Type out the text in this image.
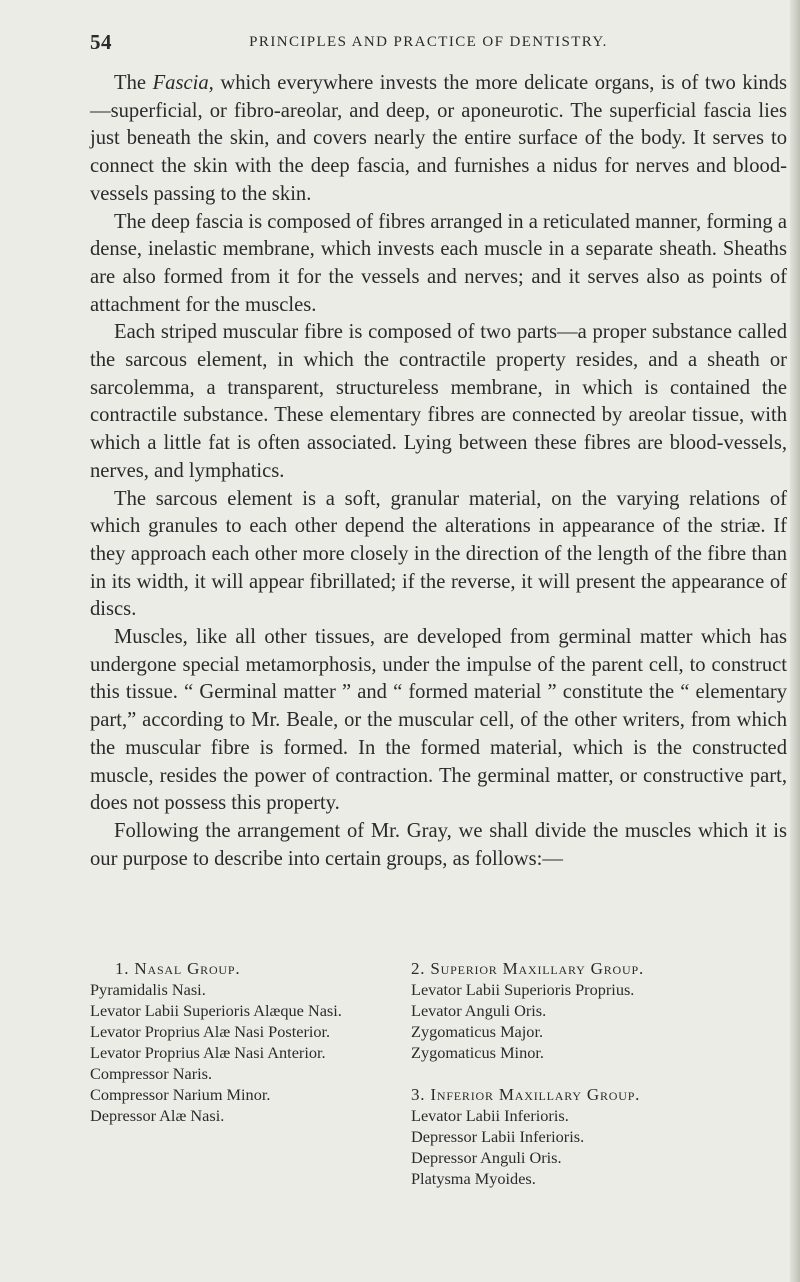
54	PRINCIPLES AND PRACTICE OF DENTISTRY.

The Fascia, which everywhere invests the more delicate organs, is of two kinds—superficial, or fibro-areolar, and deep, or aponeurotic. The superficial fascia lies just beneath the skin, and covers nearly the entire surface of the body. It serves to connect the skin with the deep fascia, and furnishes a nidus for nerves and blood-vessels passing to the skin.

The deep fascia is composed of fibres arranged in a reticulated manner, forming a dense, inelastic membrane, which invests each muscle in a separate sheath. Sheaths are also formed from it for the vessels and nerves; and it serves also as points of attachment for the muscles.

Each striped muscular fibre is composed of two parts—a proper substance called the sarcous element, in which the contractile property resides, and a sheath or sarcolemma, a transparent, structureless membrane, in which is contained the contractile substance. These elementary fibres are connected by areolar tissue, with which a little fat is often associated. Lying between these fibres are blood-vessels, nerves, and lymphatics.

The sarcous element is a soft, granular material, on the varying relations of which granules to each other depend the alterations in appearance of the striæ. If they approach each other more closely in the direction of the length of the fibre than in its width, it will appear fibrillated; if the reverse, it will present the appearance of discs.

Muscles, like all other tissues, are developed from germinal matter which has undergone special metamorphosis, under the impulse of the parent cell, to construct this tissue. “ Germinal matter ” and “ formed material ” constitute the “ elementary part,” according to Mr. Beale, or the muscular cell, of the other writers, from which the muscular fibre is formed. In the formed material, which is the constructed muscle, resides the power of contraction. The germinal matter, or constructive part, does not possess this property.

Following the arrangement of Mr. Gray, we shall divide the muscles which it is our purpose to describe into certain groups, as follows:—

1. Nasal Group.
Pyramidalis Nasi.
Levator Labii Superioris Alæque Nasi.
Levator Proprius Alæ Nasi Posterior.
Levator Proprius Alæ Nasi Anterior.
Compressor Naris.
Compressor Narium Minor.
Depressor Alæ Nasi.
2. Superior Maxillary Group.
Levator Labii Superioris Proprius.
Levator Anguli Oris.
Zygomaticus Major.
Zygomaticus Minor.
3. Inferior Maxillary Group.
Levator Labii Inferioris.
Depressor Labii Inferioris.
Depressor Anguli Oris.
Platysma Myoides.
